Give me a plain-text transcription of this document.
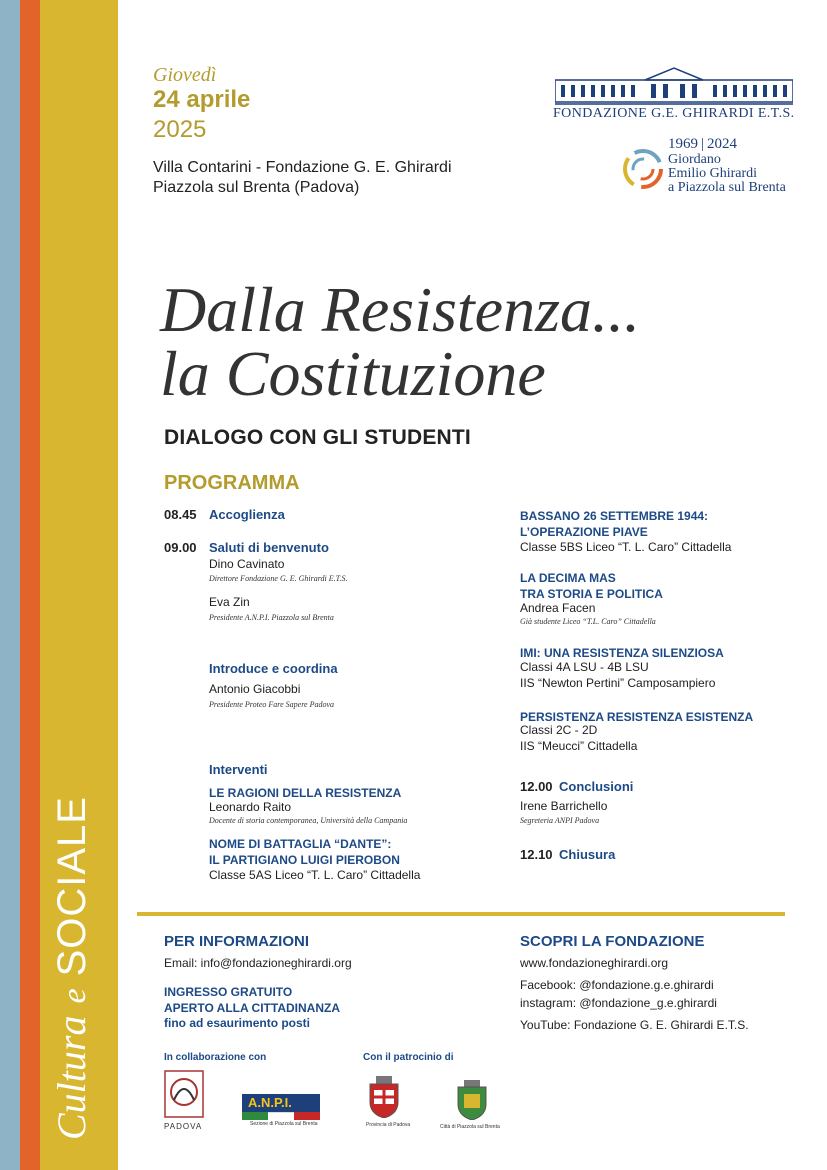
Cultura
e
SOCIALE
Giovedì
24 aprile
2025
Villa Contarini - Fondazione G. E. Ghirardi
Piazzola sul Brenta (Padova)
FONDAZIONE G.E. GHIRARDI E.T.S.
1969 | 2024
Giordano
Emilio Ghirardi
a Piazzola sul Brenta
Dalla Resistenza...
la Costituzione
DIALOGO CON GLI STUDENTI
PROGRAMMA
08.45 Accoglienza
09.00 Saluti di benvenuto
Dino Cavinato
Direttore Fondazione G. E. Ghirardi E.T.S.
Eva Zin
Presidente A.N.P.I. Piazzola sul Brenta
Introduce e coordina
Antonio Giacobbi
Presidente Proteo Fare Sapere Padova
Interventi
LE RAGIONI DELLA RESISTENZA
Leonardo Raito
Docente di storia contemporanea, Università della Campania
NOME DI BATTAGLIA “DANTE”:
IL PARTIGIANO LUIGI PIEROBON
Classe 5AS Liceo “T. L. Caro” Cittadella
BASSANO 26 SETTEMBRE 1944:
L’OPERAZIONE PIAVE
Classe 5BS Liceo “T. L. Caro” Cittadella
LA DECIMA MAS
TRA STORIA E POLITICA
Andrea Facen
Già studente Liceo “T.L. Caro” Cittadella
IMI: UNA RESISTENZA SILENZIOSA
Classi 4A LSU - 4B LSU
IIS “Newton Pertini” Camposampiero
PERSISTENZA RESISTENZA ESISTENZA
Classi 2C - 2D
IIS “Meucci” Cittadella
12.00 Conclusioni
Irene Barrichello
Segreteria ANPI Padova
12.10 Chiusura
PER INFORMAZIONI
Email: info@fondazioneghirardi.org
INGRESSO GRATUITO
APERTO ALLA CITTADINANZA
fino ad esaurimento posti
In collaborazione con	Con il patrocinio di
PADOVA
A.N.P.I.
Sezione di Piazzola sul Brenta	Provincia di Padova	Città di Piazzola sul Brenta
SCOPRI LA FONDAZIONE
www.fondazioneghirardi.org
Facebook: @fondazione.g.e.ghirardi
instagram: @fondazione_g.e.ghirardi
YouTube: Fondazione G. E. Ghirardi E.T.S.
